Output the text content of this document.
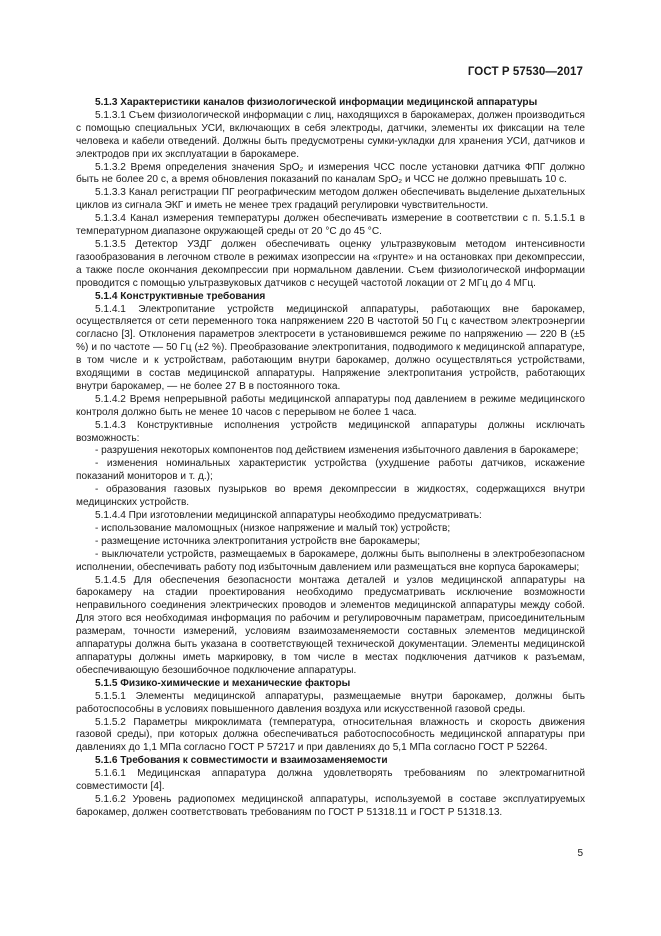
ГОСТ Р 57530—2017

5.1.3 Характеристики каналов физиологической информации медицинской аппаратуры

5.1.3.1 Съем физиологической информации с лиц, находящихся в барокамерах, должен производиться с помощью специальных УСИ, включающих в себя электроды, датчики, элементы их фиксации на теле человека и кабели отведений. Должны быть предусмотрены сумки-укладки для хранения УСИ, датчиков и электродов при их эксплуатации в барокамере.

5.1.3.2 Время определения значения SpO₂ и измерения ЧСС после установки датчика ФПГ должно быть не более 20 с, а время обновления показаний по каналам SpO₂ и ЧСС не должно превышать 10 с.

5.1.3.3 Канал регистрации ПГ реографическим методом должен обеспечивать выделение дыхательных циклов из сигнала ЭКГ и иметь не менее трех градаций регулировки чувствительности.

5.1.3.4 Канал измерения температуры должен обеспечивать измерение в соответствии с п. 5.1.5.1 в температурном диапазоне окружающей среды от 20 °С до 45 °С.

5.1.3.5 Детектор УЗДГ должен обеспечивать оценку ультразвуковым методом интенсивности газообразования в легочном стволе в режимах изопрессии на «грунте» и на остановках при декомпрессии, а также после окончания декомпрессии при нормальном давлении. Съем физиологической информации проводится с помощью ультразвуковых датчиков с несущей частотой локации от 2 МГц до 4 МГц.

5.1.4 Конструктивные требования

5.1.4.1 Электропитание устройств медицинской аппаратуры, работающих вне барокамер, осуществляется от сети переменного тока напряжением 220 В частотой 50 Гц с качеством электроэнергии согласно [3]. Отклонения параметров электросети в установившемся режиме по напряжению — 220 В (±5 %) и по частоте — 50 Гц (±2 %). Преобразование электропитания, подводимого к медицинской аппаратуре, в том числе и к устройствам, работающим внутри барокамер, должно осуществляться устройствами, входящими в состав медицинской аппаратуры. Напряжение электропитания устройств, работающих внутри барокамер, — не более 27 В в постоянного тока.

5.1.4.2 Время непрерывной работы медицинской аппаратуры под давлением в режиме медицинского контроля должно быть не менее 10 часов с перерывом не более 1 часа.

5.1.4.3 Конструктивные исполнения устройств медицинской аппаратуры должны исключать возможность:

- разрушения некоторых компонентов под действием изменения избыточного давления в барокамере;

- изменения номинальных характеристик устройства (ухудшение работы датчиков, искажение показаний мониторов и т. д.);

- образования газовых пузырьков во время декомпрессии в жидкостях, содержащихся внутри медицинских устройств.

5.1.4.4 При изготовлении медицинской аппаратуры необходимо предусматривать:

- использование маломощных (низкое напряжение и малый ток) устройств;

- размещение источника электропитания устройств вне барокамеры;

- выключатели устройств, размещаемых в барокамере, должны быть выполнены в электробезопасном исполнении, обеспечивать работу под избыточным давлением или размещаться вне корпуса барокамеры;

5.1.4.5 Для обеспечения безопасности монтажа деталей и узлов медицинской аппаратуры на барокамеру на стадии проектирования необходимо предусматривать исключение возможности неправильного соединения электрических проводов и элементов медицинской аппаратуры между собой. Для этого вся необходимая информация по рабочим и регулировочным параметрам, присоединительным размерам, точности измерений, условиям взаимозаменяемости составных элементов медицинской аппаратуры должна быть указана в соответствующей технической документации. Элементы медицинской аппаратуры должны иметь маркировку, в том числе в местах подключения датчиков к разъемам, обеспечивающую безошибочное подключение аппаратуры.

5.1.5 Физико-химические и механические факторы

5.1.5.1 Элементы медицинской аппаратуры, размещаемые внутри барокамер, должны быть работоспособны в условиях повышенного давления воздуха или искусственной газовой среды.

5.1.5.2 Параметры микроклимата (температура, относительная влажность и скорость движения газовой среды), при которых должна обеспечиваться работоспособность медицинской аппаратуры при давлениях до 1,1 МПа согласно ГОСТ Р 57217 и при давлениях до 5,1 МПа согласно ГОСТ Р 52264.

5.1.6 Требования к совместимости и взаимозаменяемости

5.1.6.1 Медицинская аппаратура должна удовлетворять требованиям по электромагнитной совместимости [4].

5.1.6.2 Уровень радиопомех медицинской аппаратуры, используемой в составе эксплуатируемых барокамер, должен соответствовать требованиям по ГОСТ Р 51318.11 и ГОСТ Р 51318.13.

5
